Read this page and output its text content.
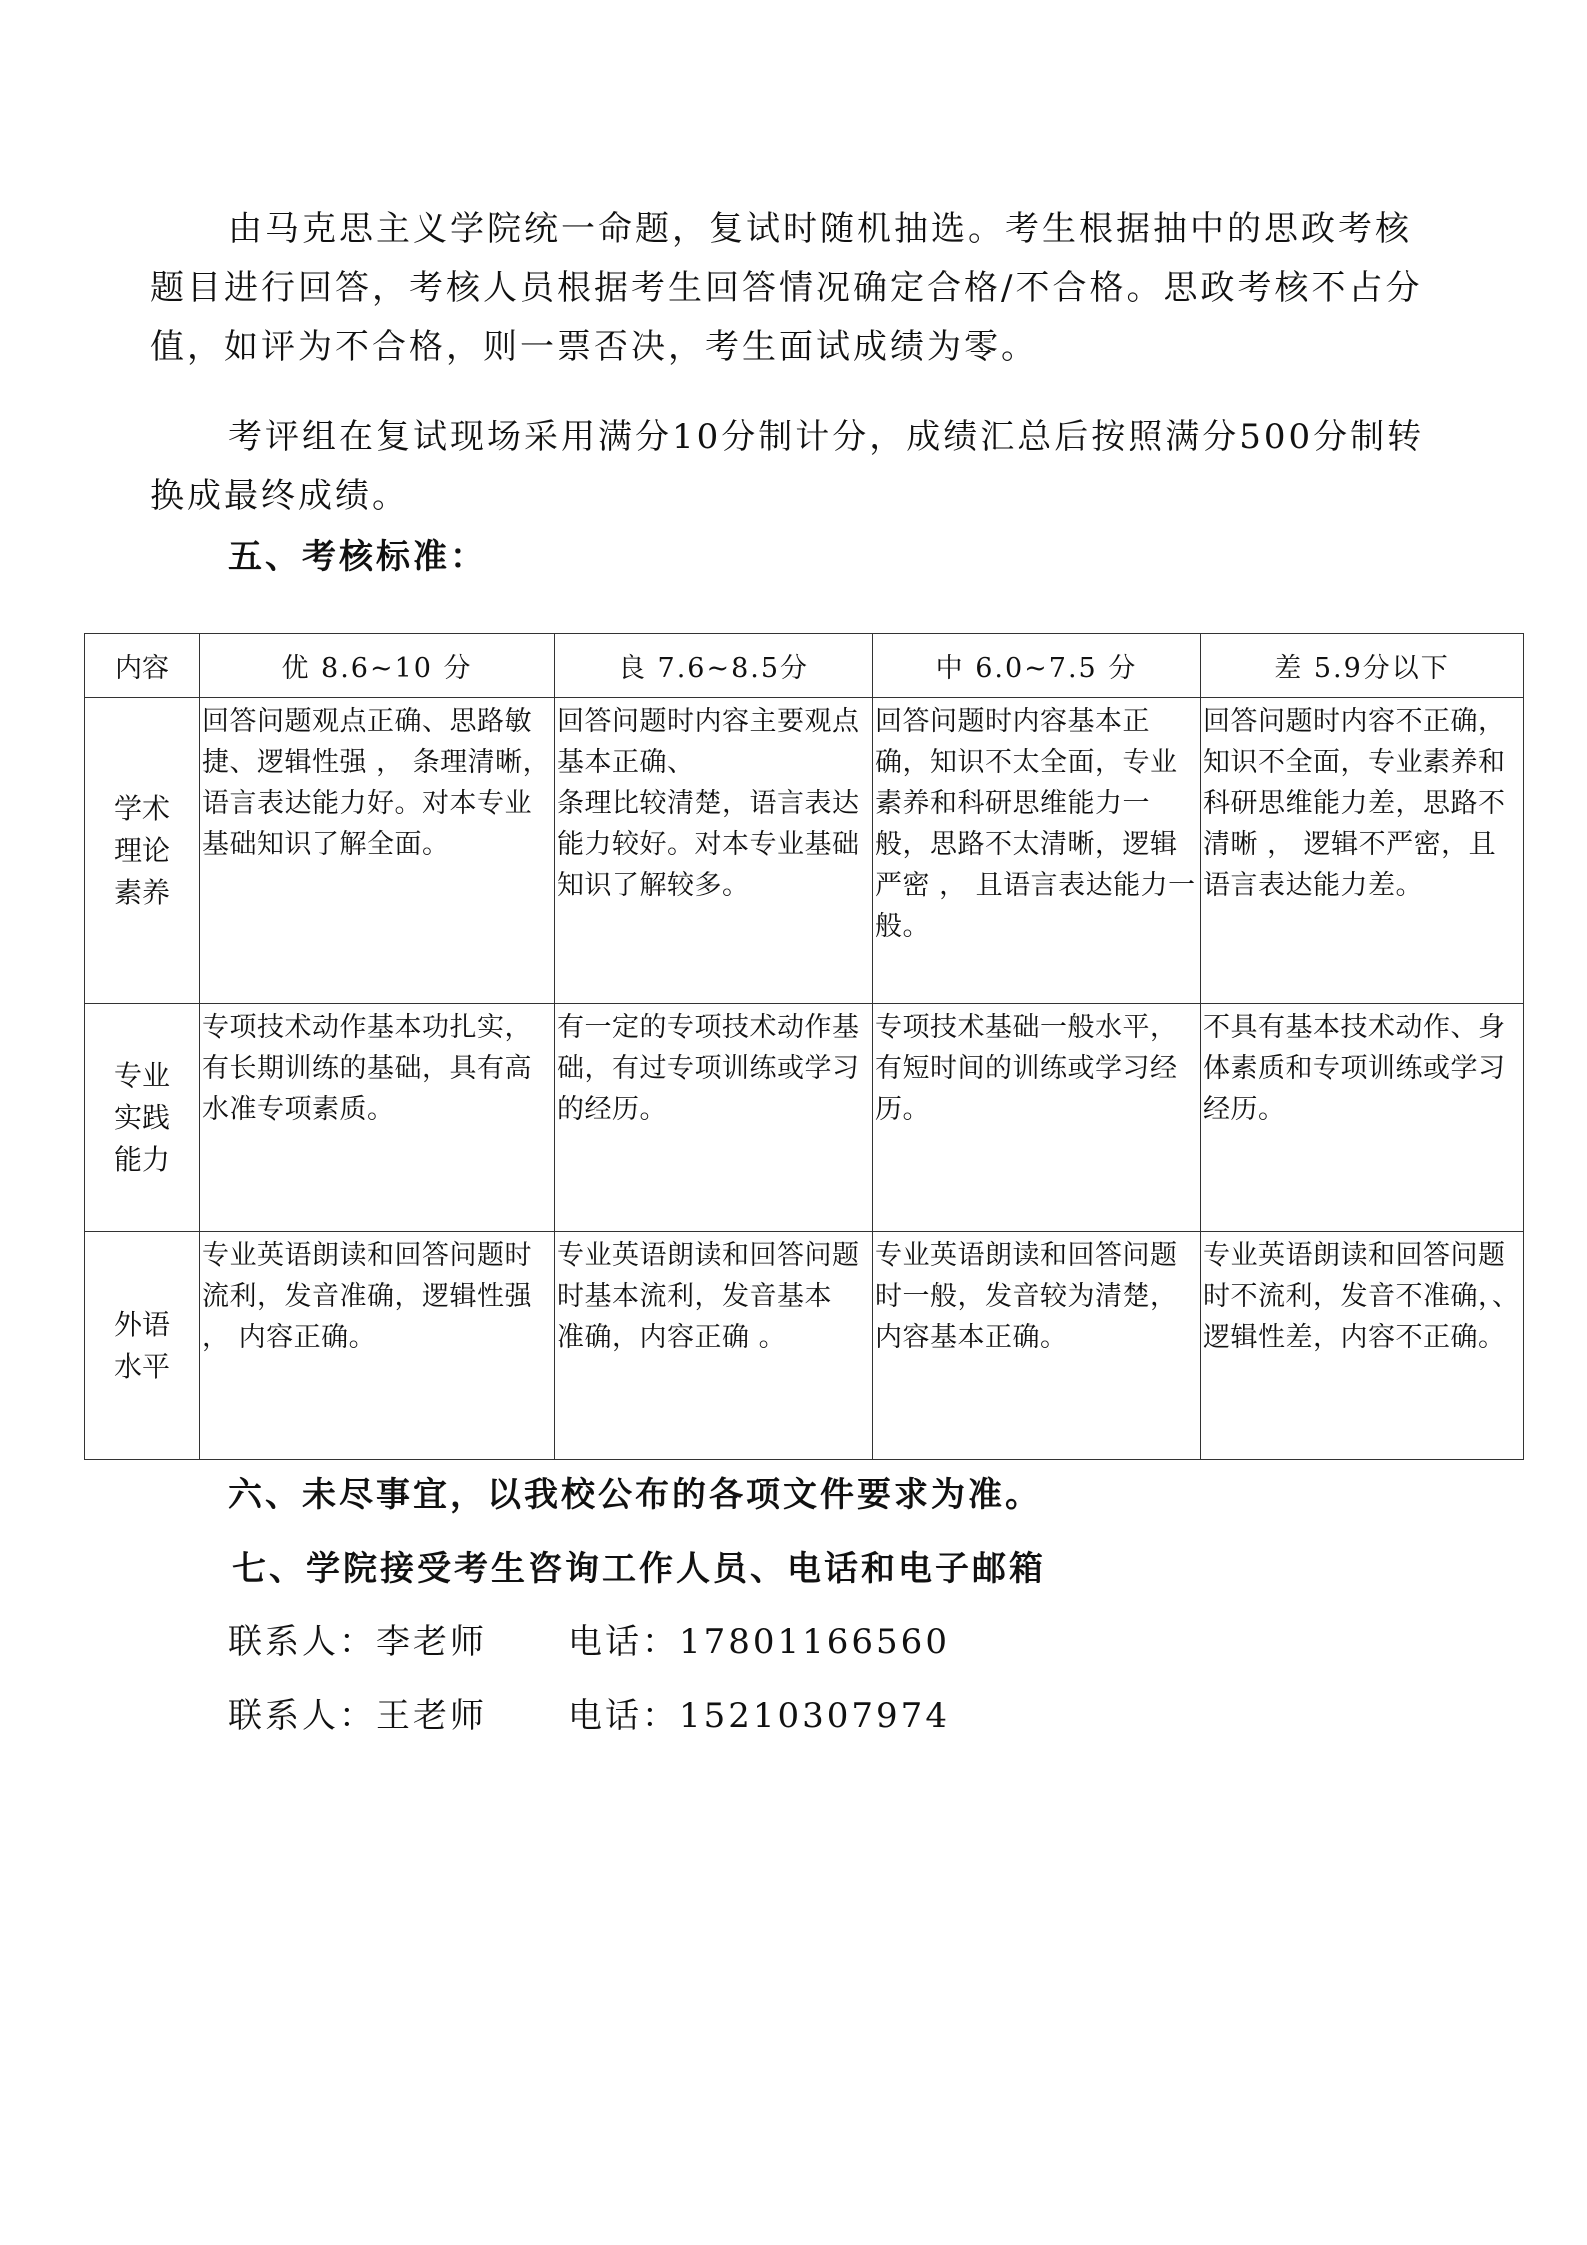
由马克思主义学院统一命题，复试时随机抽选。考生根据抽中的思政考核题目进行回答，考核人员根据考生回答情况确定合格/不合格。思政考核不占分值，如评为不合格，则一票否决，考生面试成绩为零。

考评组在复试现场采用满分10分制计分，成绩汇总后按照满分500分制转换成最终成绩。

五、考核标准：

内容	优 8.6~10 分	良 7.6~8.5分	中 6.0~7.5 分	差 5.9分以下
学术
理论
素养	回答问题观点正确、思路敏捷、逻辑性强 ， 条理清晰，语言表达能力好。对本专业基础知识了解全面。	回答问题时内容主要观点基本正确、
条理比较清楚，语言表达能力较好。对本专业基础知识了解较多。	回答问题时内容基本正确，知识不太全面，专业素养和科研思维能力一般，思路不太清晰，逻辑严密 ， 且语言表达能力一般。	回答问题时内容不正确，知识不全面，专业素养和科研思维能力差，思路不清晰 ， 逻辑不严密，且语言表达能力差。
专业
实践
能力	专项技术动作基本功扎实，有长期训练的基础，具有高水准专项素质。	有一定的专项技术动作基础，有过专项训练或学习的经历。	专项技术基础一般水平，有短时间的训练或学习经历。	不具有基本技术动作、身体素质和专项训练或学习经历。
外语
水平	专业英语朗读和回答问题时流利，发音准确，逻辑性强 ， 内容正确。	专业英语朗读和回答问题时基本流利，发音基本
准确，内容正确 。	专业英语朗读和回答问题时一般，发音较为清楚，内容基本正确。	专业英语朗读和回答问题时不流利，发音不准确，、逻辑性差，内容不正确。

六、未尽事宜，以我校公布的各项文件要求为准。

七、学院接受考生咨询工作人员、电话和电子邮箱

联系人：李老师 电话：17801166560

联系人：王老师 电话：15210307974
